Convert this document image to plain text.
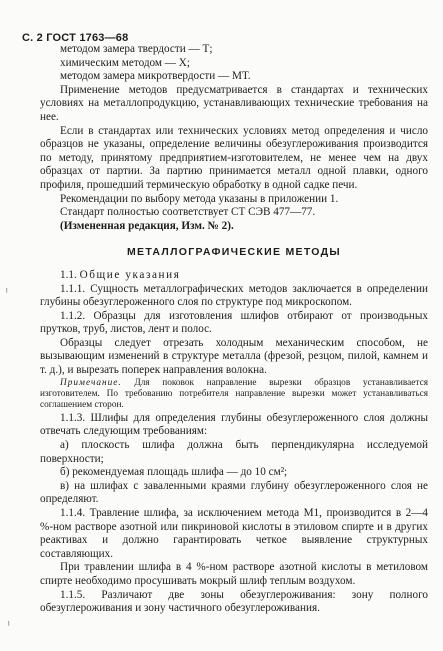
С. 2 ГОСТ 1763—68

методом замера твердости — Т;

химическим методом — Х;

методом замера микротвердости — МТ.

Применение методов предусматривается в стандартах и технических условиях на металлопродукцию, устанавливающих технические требования на нее.

Если в стандартах или технических условиях метод определения и число образцов не указаны, определение величины обезуглероживания производится по методу, принятому предприятием-изготовителем, не менее чем на двух образцах от партии. За партию принимается металл одной плавки, одного профиля, прошедший термическую обработку в одной садке печи.

Рекомендации по выбору метода указаны в приложении 1.

Стандарт полностью соответствует СТ СЭВ 477—77.

(Измененная редакция, Изм. № 2).

МЕТАЛЛОГРАФИЧЕСКИЕ МЕТОДЫ

1.1. Общие указания

1.1.1. Сущность металлографических методов заключается в определении глубины обезуглероженного слоя по структуре под микроскопом.

1.1.2. Образцы для изготовления шлифов отбирают от производьных прутков, труб, листов, лент и полос.

Образцы следует отрезать холодным механическим способом, не вызывающим изменений в структуре металла (фрезой, резцом, пилой, камнем и т. д.), и вырезать поперек направления волокна.

Примечание. Для поковок направление вырезки образцов устанавливается изготовителем. По требованию потребителя направление вырезки может устанавливаться соглашением сторон.

1.1.3. Шлифы для определения глубины обезуглероженного слоя должны отвечать следующим требованиям:

а) плоскость шлифа должна быть перпендикулярна исследуемой поверхности;

б) рекомендуемая площадь шлифа — до 10 см²;

в) на шлифах с заваленными краями глубину обезуглероженного слоя не определяют.

1.1.4. Травление шлифа, за исключением метода М1, производится в 2—4 %-ном растворе азотной или пикриновой кислоты в этиловом спирте и в других реактивах и должно гарантировать четкое выявление структурных составляющих.

При травлении шлифа в 4 %-ном растворе азотной кислоты в метиловом спирте необходимо просушивать мокрый шлиф теплым воздухом.

1.1.5. Различают две зоны обезуглероживания: зону полного обезуглероживания и зону частичного обезуглероживания.

ˡ
ˡ
